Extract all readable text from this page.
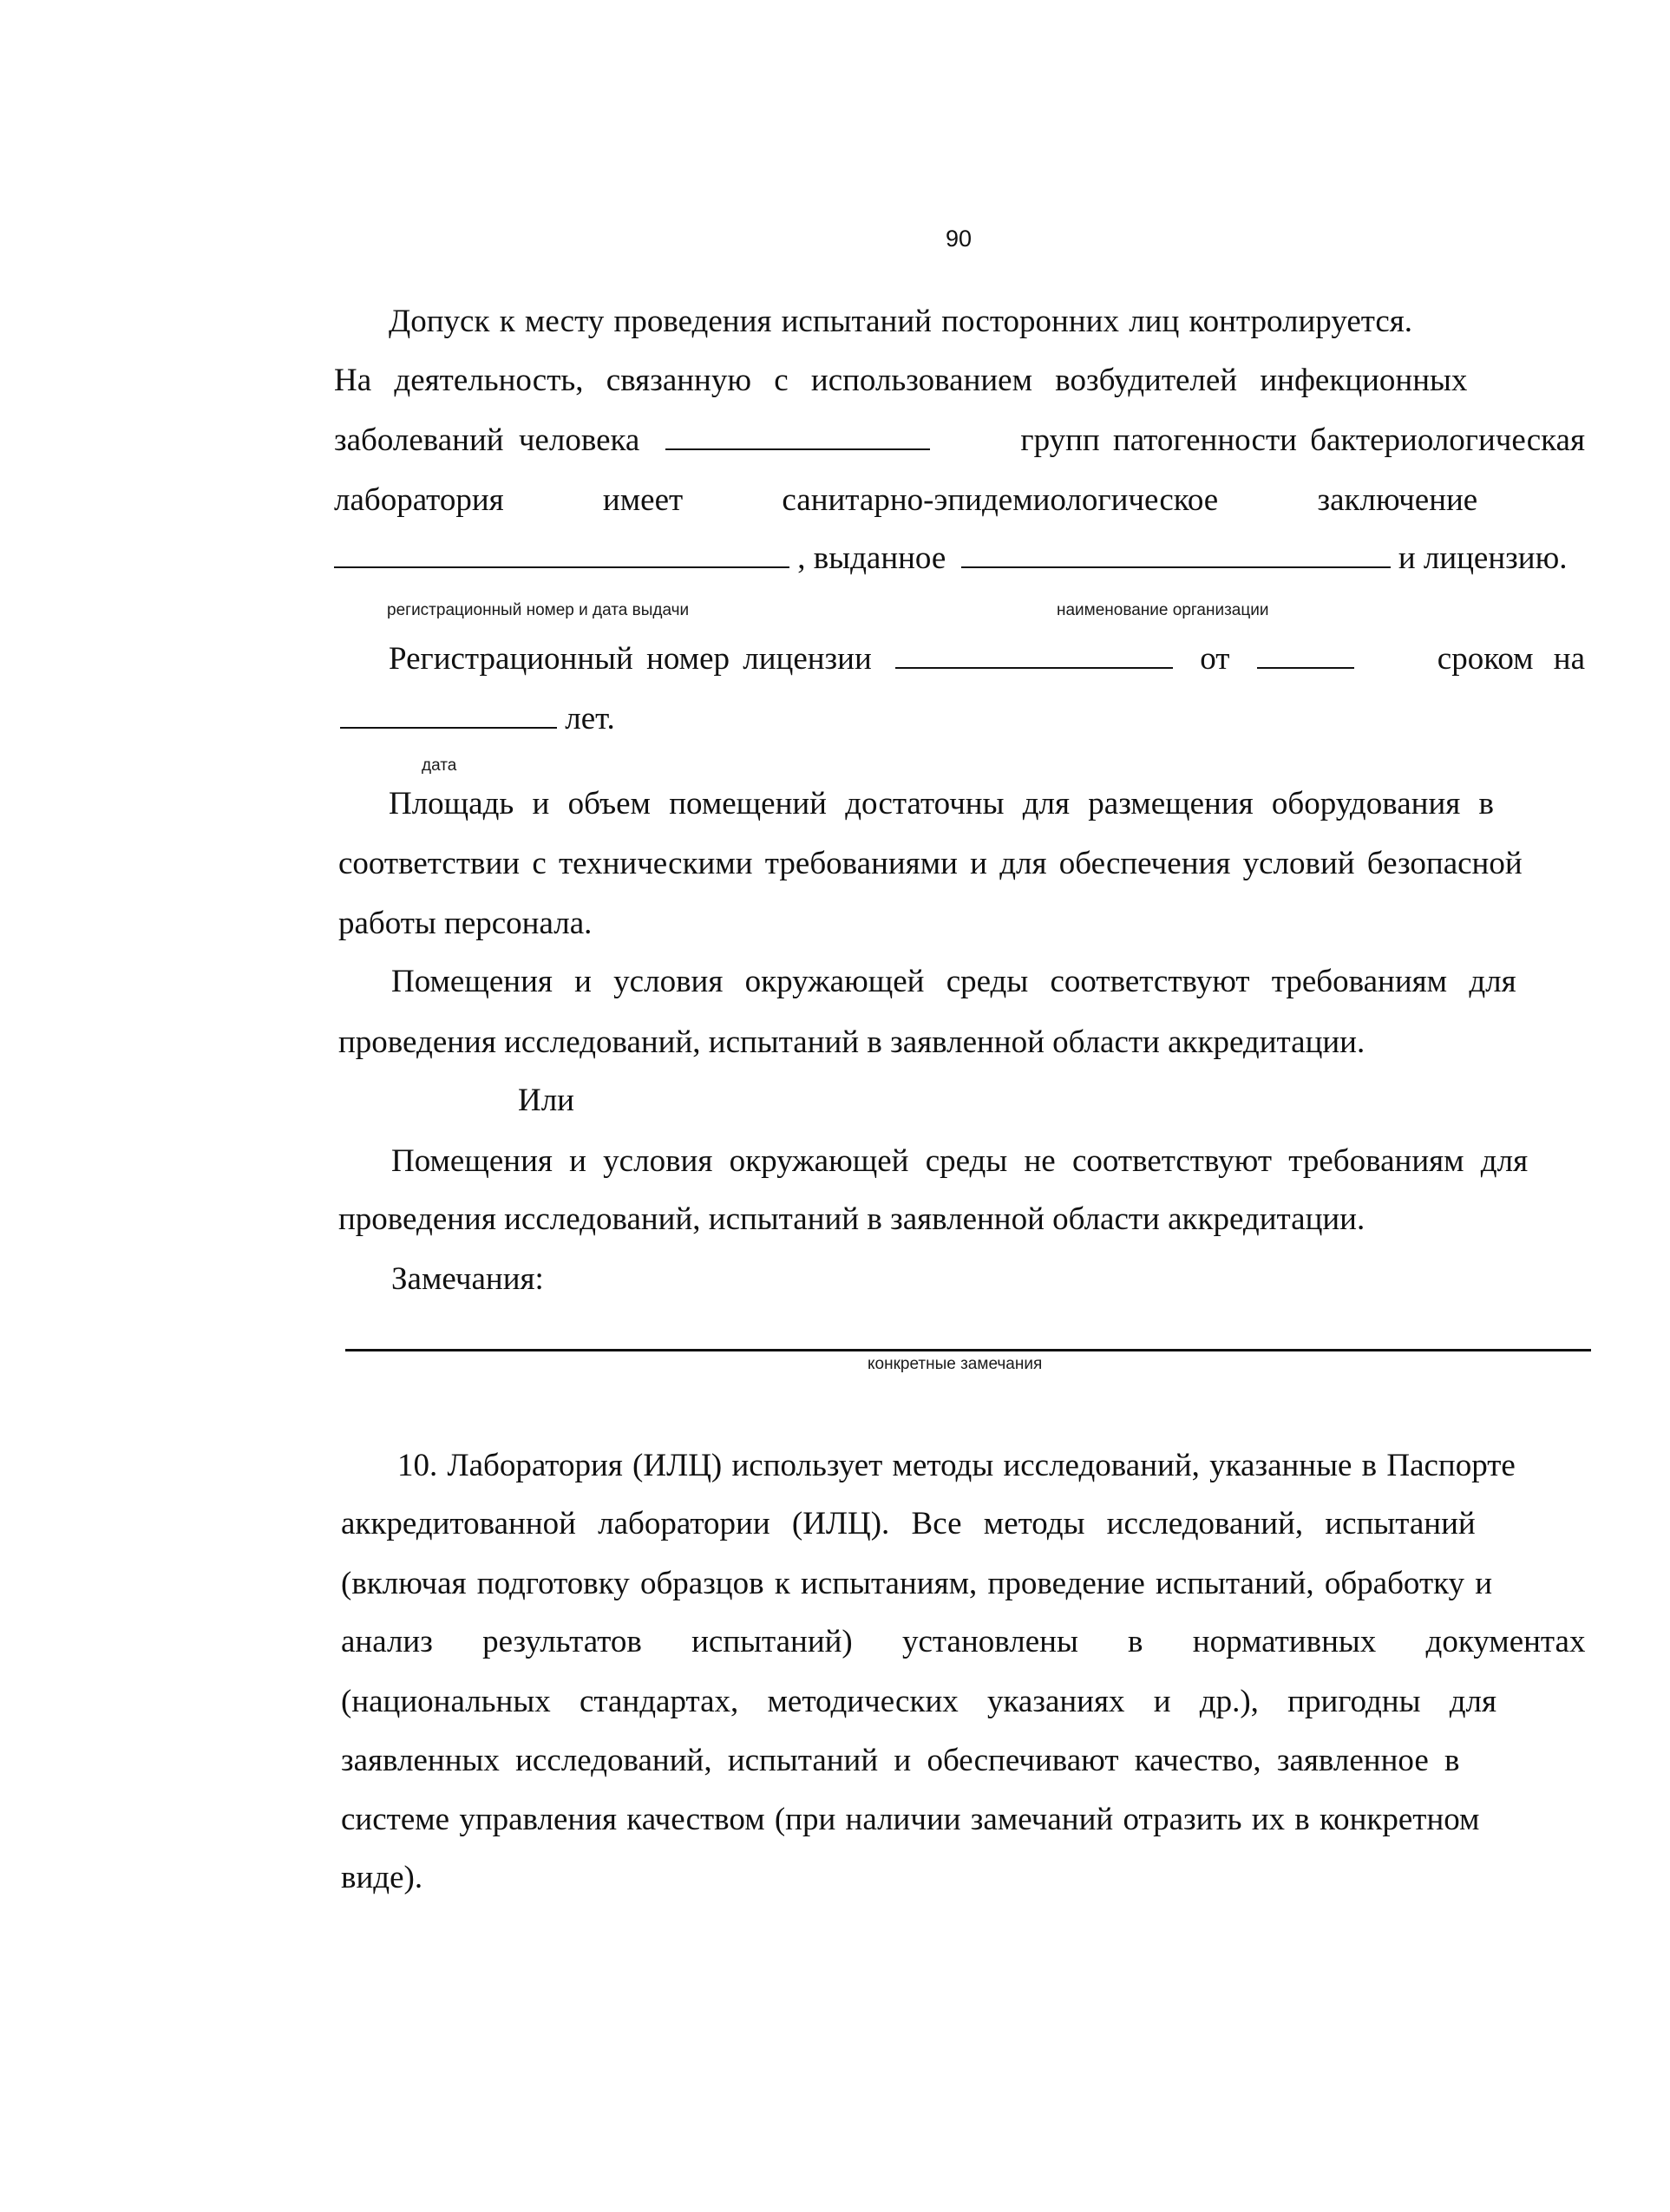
90
Допуск к месту проведения испытаний посторонних лиц контролируется.
На деятельность, связанную с использованием возбудителей инфекционных
заболеваний человека	групп патогенности бактериологическая
лаборатория имеет санитарно-эпидемиологическое заключение
, выданное	и лицензию.
регистрационный номер и дата выдачи	наименование организации
Регистрационный номер лицензии	от	сроком на
лет.
дата
Площадь и объем помещений достаточны для размещения оборудования в
соответствии с техническими требованиями и для обеспечения условий безопасной
работы персонала.
Помещения и условия окружающей среды соответствуют требованиям для
проведения исследований, испытаний в заявленной области аккредитации.
Или
Помещения и условия окружающей среды не соответствуют требованиям для
проведения исследований, испытаний в заявленной области аккредитации.
Замечания:
конкретные замечания
10. Лаборатория (ИЛЦ) использует методы исследований, указанные в Паспорте
аккредитованной лаборатории (ИЛЦ). Все методы исследований, испытаний
(включая подготовку образцов к испытаниям, проведение испытаний, обработку и
анализ результатов испытаний) установлены в нормативных документах
(национальных стандартах, методических указаниях и др.), пригодны для
заявленных исследований, испытаний и обеспечивают качество, заявленное в
системе управления качеством (при наличии замечаний отразить их в конкретном
виде).
